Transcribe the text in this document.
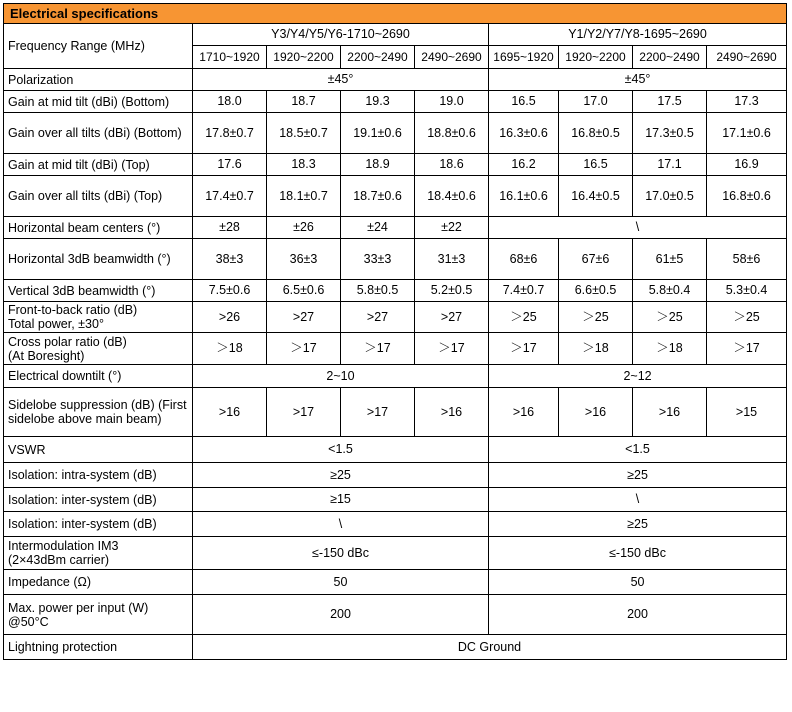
Electrical specifications								
Frequency Range (MHz)	Y3/Y4/Y5/Y6-1710~2690				Y1/Y2/Y7/Y8-1695~2690			
	1710~1920	1920~2200	2200~2490	2490~2690	1695~1920	1920~2200	2200~2490	2490~2690
Polarization	±45°				±45°			
Gain at mid tilt (dBi) (Bottom)	18.0	18.7	19.3	19.0	16.5	17.0	17.5	17.3
Gain over all tilts (dBi) (Bottom)	17.8±0.7	18.5±0.7	19.1±0.6	18.8±0.6	16.3±0.6	16.8±0.5	17.3±0.5	17.1±0.6
Gain at mid tilt (dBi) (Top)	17.6	18.3	18.9	18.6	16.2	16.5	17.1	16.9
Gain over all tilts (dBi) (Top)	17.4±0.7	18.1±0.7	18.7±0.6	18.4±0.6	16.1±0.6	16.4±0.5	17.0±0.5	16.8±0.6
Horizontal beam centers (°)	±28	±26	±24	±22	\			
Horizontal 3dB beamwidth (°)	38±3	36±3	33±3	31±3	68±6	67±6	61±5	58±6
Vertical 3dB beamwidth (°)	7.5±0.6	6.5±0.6	5.8±0.5	5.2±0.5	7.4±0.7	6.6±0.5	5.8±0.4	5.3±0.4
Front-to-back ratio (dB)
Total power, ±30°	>26	>27	>27	>27	＞25	＞25	＞25	＞25
Cross polar ratio (dB)
(At Boresight)	＞18	＞17	＞17	＞17	＞17	＞18	＞18	＞17
Electrical downtilt (°)	2~10				2~12			
Sidelobe suppression (dB) (First sidelobe above main beam)	>16	>17	>17	>16	>16	>16	>16	>15
VSWR	<1.5				<1.5			
Isolation: intra-system (dB)	≥25				≥25			
Isolation: inter-system (dB)	≥15				\			
Isolation: inter-system (dB)	\				≥25			
Intermodulation IM3
(2×43dBm carrier)	≤-150 dBc				≤-150 dBc			
Impedance (Ω)	50				50			
Max. power per input (W) @50°C	200				200			
Lightning protection	DC Ground							
